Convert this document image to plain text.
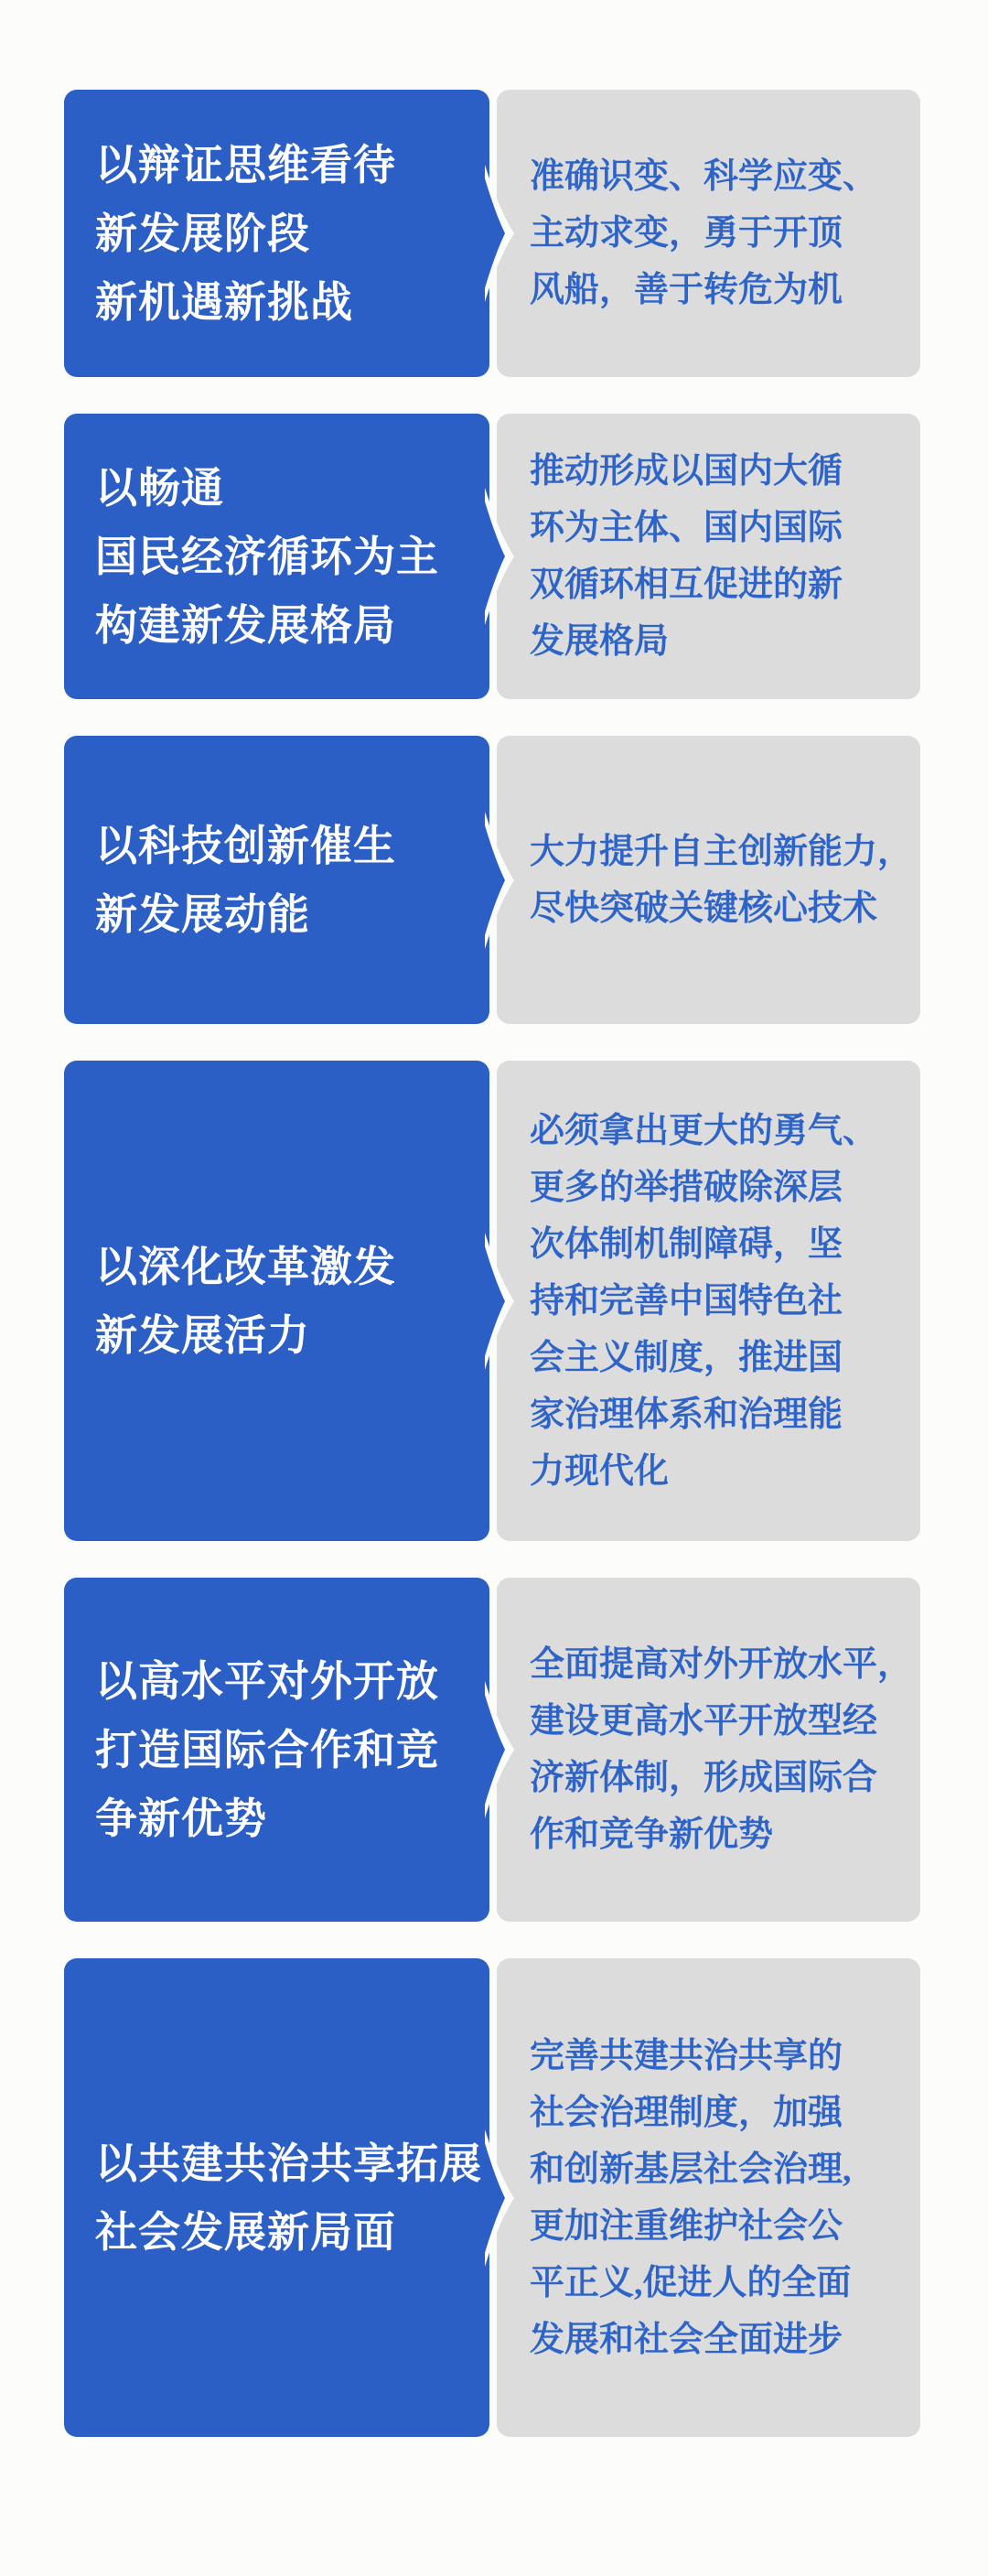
准确识变、科学应变、
主动求变，勇于开顶
风船，善于转危为机

以辩证思维看待
新发展阶段
新机遇新挑战

推动形成以国内大循
环为主体、国内国际
双循环相互促进的新
发展格局

以畅通
国民经济循环为主
构建新发展格局

大力提升自主创新能力，
尽快突破关键核心技术

以科技创新催生
新发展动能

必须拿出更大的勇气、
更多的举措破除深层
次体制机制障碍，坚
持和完善中国特色社
会主义制度，推进国
家治理体系和治理能
力现代化

以深化改革激发
新发展活力

全面提高对外开放水平，
建设更高水平开放型经
济新体制，形成国际合
作和竞争新优势

以高水平对外开放
打造国际合作和竞
争新优势

完善共建共治共享的
社会治理制度，加强
和创新基层社会治理,
更加注重维护社会公
平正义,促进人的全面
发展和社会全面进步

以共建共治共享拓展
社会发展新局面
